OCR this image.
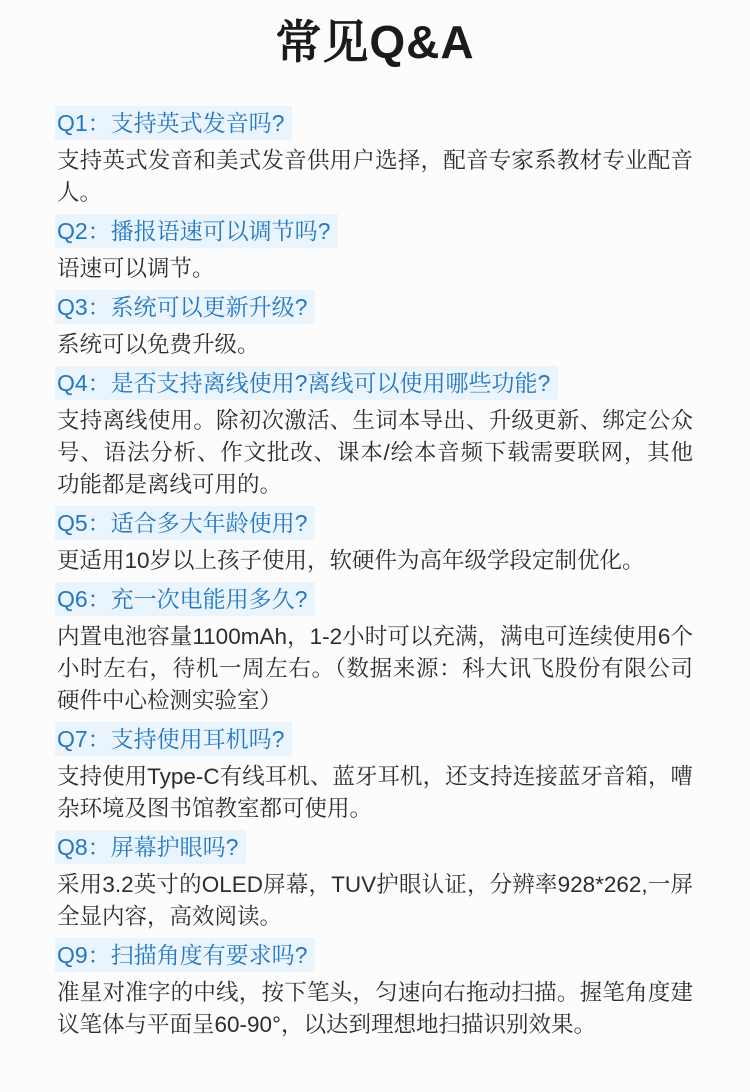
常见Q&A
Q1：支持英式发音吗?
支持英式发音和美式发音供用户选择，配音专家系教材专业配音人。
Q2：播报语速可以调节吗?
语速可以调节。
Q3：系统可以更新升级?
系统可以免费升级。
Q4：是否支持离线使用?离线可以使用哪些功能?
支持离线使用。除初次激活、生词本导出、升级更新、绑定公众号、语法分析、作文批改、课本/绘本音频下载需要联网，其他功能都是离线可用的。
Q5：适合多大年龄使用?
更适用10岁以上孩子使用，软硬件为高年级学段定制优化。
Q6：充一次电能用多久?
内置电池容量1100mAh，1-2小时可以充满，满电可连续使用6个小时左右，待机一周左右。（数据来源：科大讯飞股份有限公司硬件中心检测实验室）
Q7：支持使用耳机吗?
支持使用Type-C有线耳机、蓝牙耳机，还支持连接蓝牙音箱，嘈杂环境及图书馆教室都可使用。
Q8：屏幕护眼吗?
采用3.2英寸的OLED屏幕，TUV护眼认证，分辨率928*262,一屏全显内容，高效阅读。
Q9：扫描角度有要求吗?
准星对准字的中线，按下笔头，匀速向右拖动扫描。握笔角度建议笔体与平面呈60-90°，以达到理想地扫描识别效果。
